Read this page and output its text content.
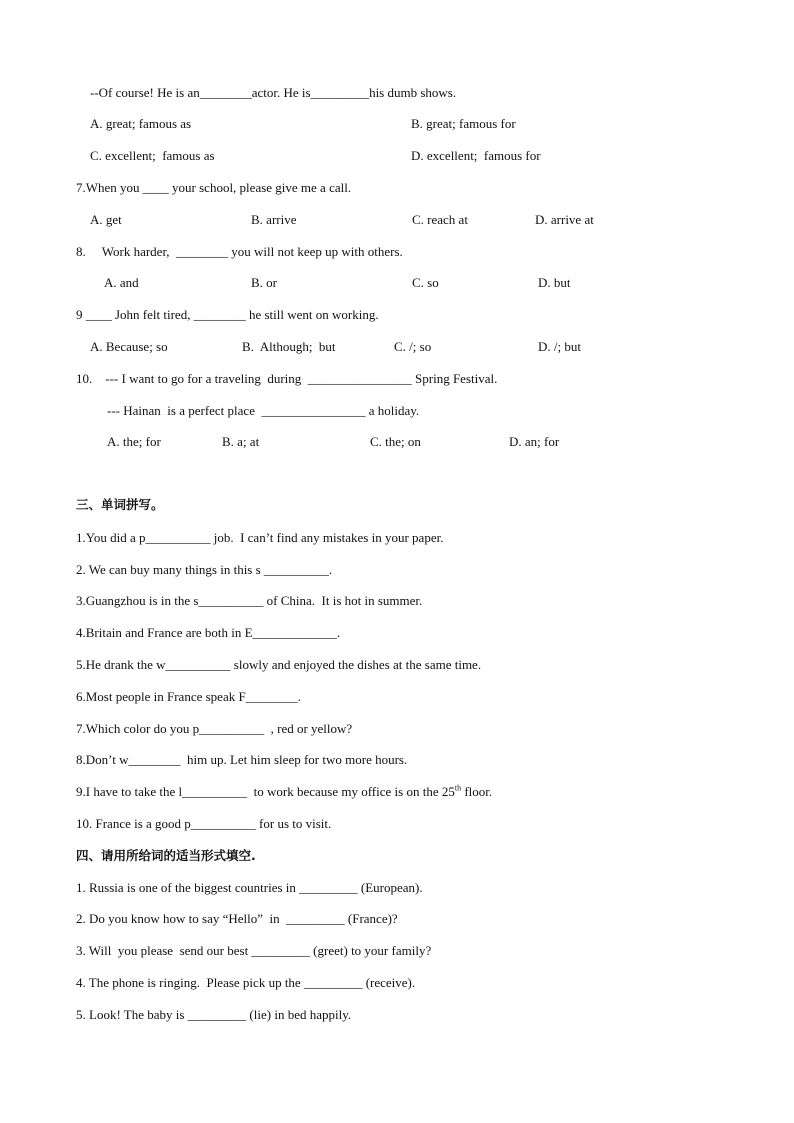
--Of course! He is an________actor. He is_________his dumb shows.
A. great; famous as	B. great; famous for
C. excellent;  famous as	D. excellent;  famous for
7.When you ____ your school, please give me a call.
A. get	B. arrive	C. reach at	D. arrive at
8.     Work harder,  ________ you will not keep up with others.
A. and	B. or	C. so	D. but
9 ____ John felt tired, ________ he still went on working.
A. Because; so	B.  Although;  but	C. /; so	D. /; but
10.    --- I want to go for a traveling  during  ________________ Spring Festival.
--- Hainan  is a perfect place  ________________ a holiday.
A. the; for	B. a; at	C. the; on	D. an; for
三、单词拼写。
1.You did a p__________ job.  I can’t find any mistakes in your paper.
2. We can buy many things in this s __________.
3.Guangzhou is in the s__________ of China.  It is hot in summer.
4.Britain and France are both in E_____________.
5.He drank the w__________ slowly and enjoyed the dishes at the same time.
6.Most people in France speak F________.
7.Which color do you p__________  , red or yellow?
8.Don’t w________  him up. Let him sleep for two more hours.
9.I have to take the l__________  to work because my office is on the 25th floor.
10. France is a good p__________ for us to visit.
四、请用所给词的适当形式填空.
1. Russia is one of the biggest countries in _________ (European).
2. Do you know how to say “Hello”  in  _________ (France)?
3. Will  you please  send our best _________ (greet) to your family?
4. The phone is ringing.  Please pick up the _________ (receive).
5. Look! The baby is _________ (lie) in bed happily.
